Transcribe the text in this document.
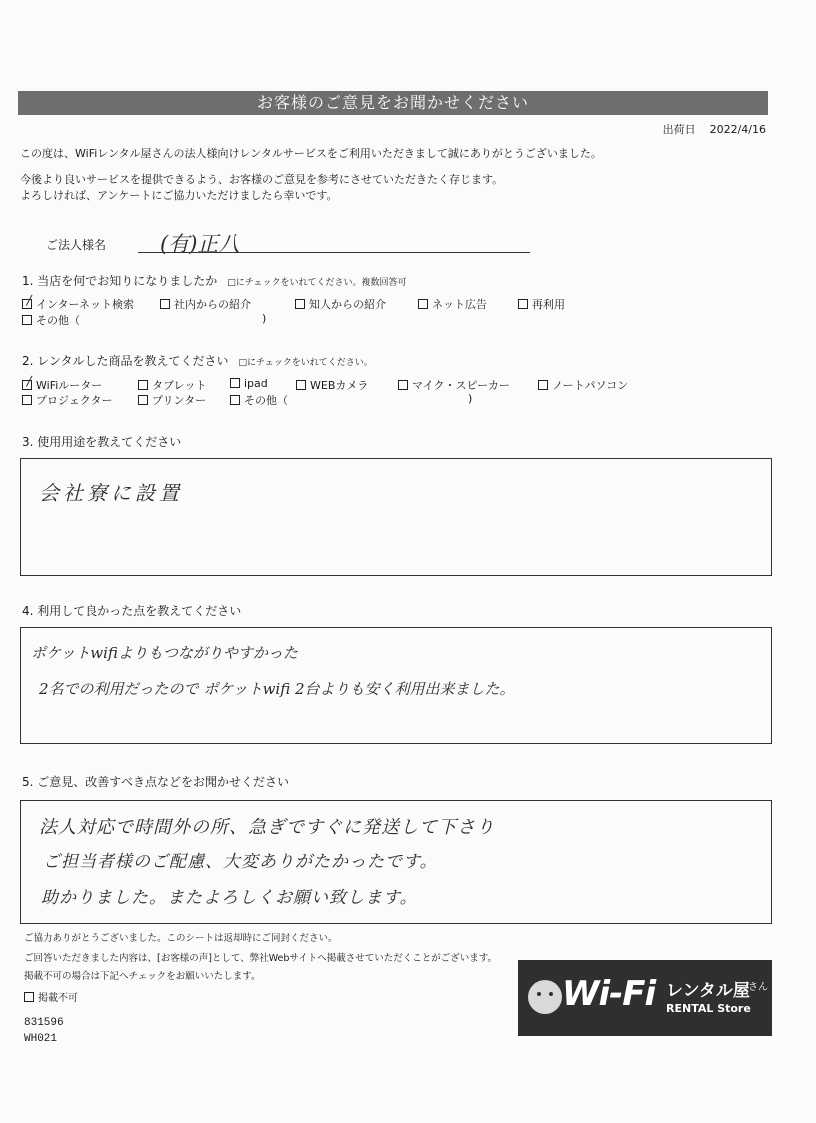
お客様のご意見をお聞かせください
出荷日 2022/4/16
この度は、WiFiレンタル屋さんの法人様向けレンタルサービスをご利用いただきまして誠にありがとうございました。
今後より良いサービスを提供できるよう、お客様のご意見を参考にさせていただきたく存じます。
よろしければ、アンケートにご協力いただけましたら幸いです。
ご法人様名	(有)正八
1. 当店を何でお知りになりましたか □にチェックをいれてください。複数回答可
インターネット検索	社内からの紹介	知人からの紹介	ネット広告	再利用
その他（	)
2. レンタルした商品を教えてください □にチェックをいれてください。
WiFiルーター	タブレット	ipad	WEBカメラ	マイク・スピーカー	ノートパソコン
プロジェクター	プリンター	その他（	)
3. 使用用途を教えてください
会社寮に設置
4. 利用して良かった点を教えてください
ポケットwifiよりもつながりやすかった
2名での利用だったので ポケットwifi 2台よりも安く利用出来ました。
5. ご意見、改善すべき点などをお聞かせください
法人対応で時間外の所、急ぎですぐに発送して下さり
ご担当者様のご配慮、大変ありがたかったです。
助かりました。またよろしくお願い致します。
ご協力ありがとうございました。このシートは返却時にご同封ください。
ご回答いただきました内容は、[お客様の声]として、弊社Webサイトへ掲載させていただくことがございます。
掲載不可の場合は下記へチェックをお願いいたします。
掲載不可
831596
WH021
Wi-Fi レンタル屋
さん
RENTAL Store
